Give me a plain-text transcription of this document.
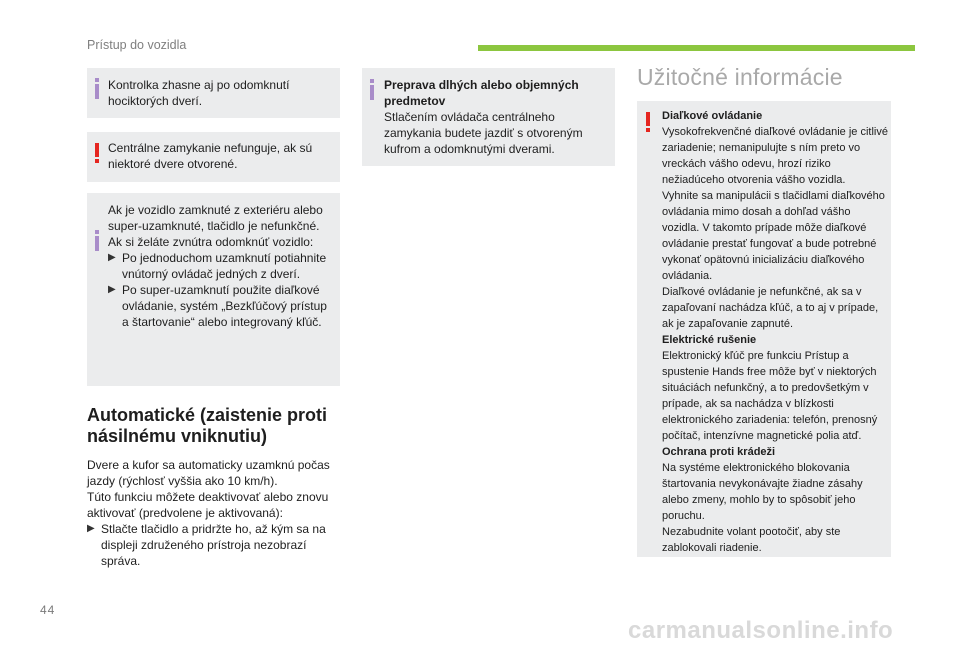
Prístup do vozidla
Kontrolka zhasne aj po odomknutí hociktorých dverí.
Centrálne zamykanie nefunguje, ak sú niektoré dvere otvorené.
Ak je vozidlo zamknuté z exteriéru alebo super-uzamknuté, tlačidlo je nefunkčné.
Ak si želáte zvnútra odomknúť vozidlo:
▶ Po jednoduchom uzamknutí potiahnite vnútorný ovládač jedných z dverí.
▶ Po super-uzamknutí použite diaľkové ovládanie, systém „Bezkľúčový prístup a štartovanie“ alebo integrovaný kľúč.
Automatické (zaistenie proti násilnému vniknutiu)
Dvere a kufor sa automaticky uzamknú počas jazdy (rýchlosť vyššia ako 10 km/h).
Túto funkciu môžete deaktivovať alebo znovu aktivovať (predvolene je aktivovaná):
▶ Stlačte tlačidlo a pridržte ho, až kým sa na displeji združeného prístroja nezobrazí správa.
Preprava dlhých alebo objemných predmetov
Stlačením ovládača centrálneho zamykania budete jazdiť s otvoreným kufrom a odomknutými dverami.
Užitočné informácie
Diaľkové ovládanie
Vysokofrekvenčné diaľkové ovládanie je citlivé zariadenie; nemanipulujte s ním preto vo vreckách vášho odevu, hrozí riziko nežiadúceho otvorenia vášho vozidla.
Vyhnite sa manipulácii s tlačidlami diaľkového ovládania mimo dosah a dohľad vášho vozidla. V takomto prípade môže diaľkové ovládanie prestať fungovať a bude potrebné vykonať opätovnú inicializáciu diaľkového ovládania.
Diaľkové ovládanie je nefunkčné, ak sa v zapaľovaní nachádza kľúč, a to aj v prípade, ak je zapaľovanie zapnuté.
Elektrické rušenie
Elektronický kľúč pre funkciu Prístup a spustenie Hands free môže byť v niektorých situáciách nefunkčný, a to predovšetkým v prípade, ak sa nachádza v blízkosti elektronického zariadenia: telefón, prenosný počítač, intenzívne magnetické polia atď.
Ochrana proti krádeži
Na systéme elektronického blokovania štartovania nevykonávajte žiadne zásahy alebo zmeny, mohlo by to spôsobiť jeho poruchu.
Nezabudnite volant pootočiť, aby ste zablokovali riadenie.
44
carmanualsonline.info
